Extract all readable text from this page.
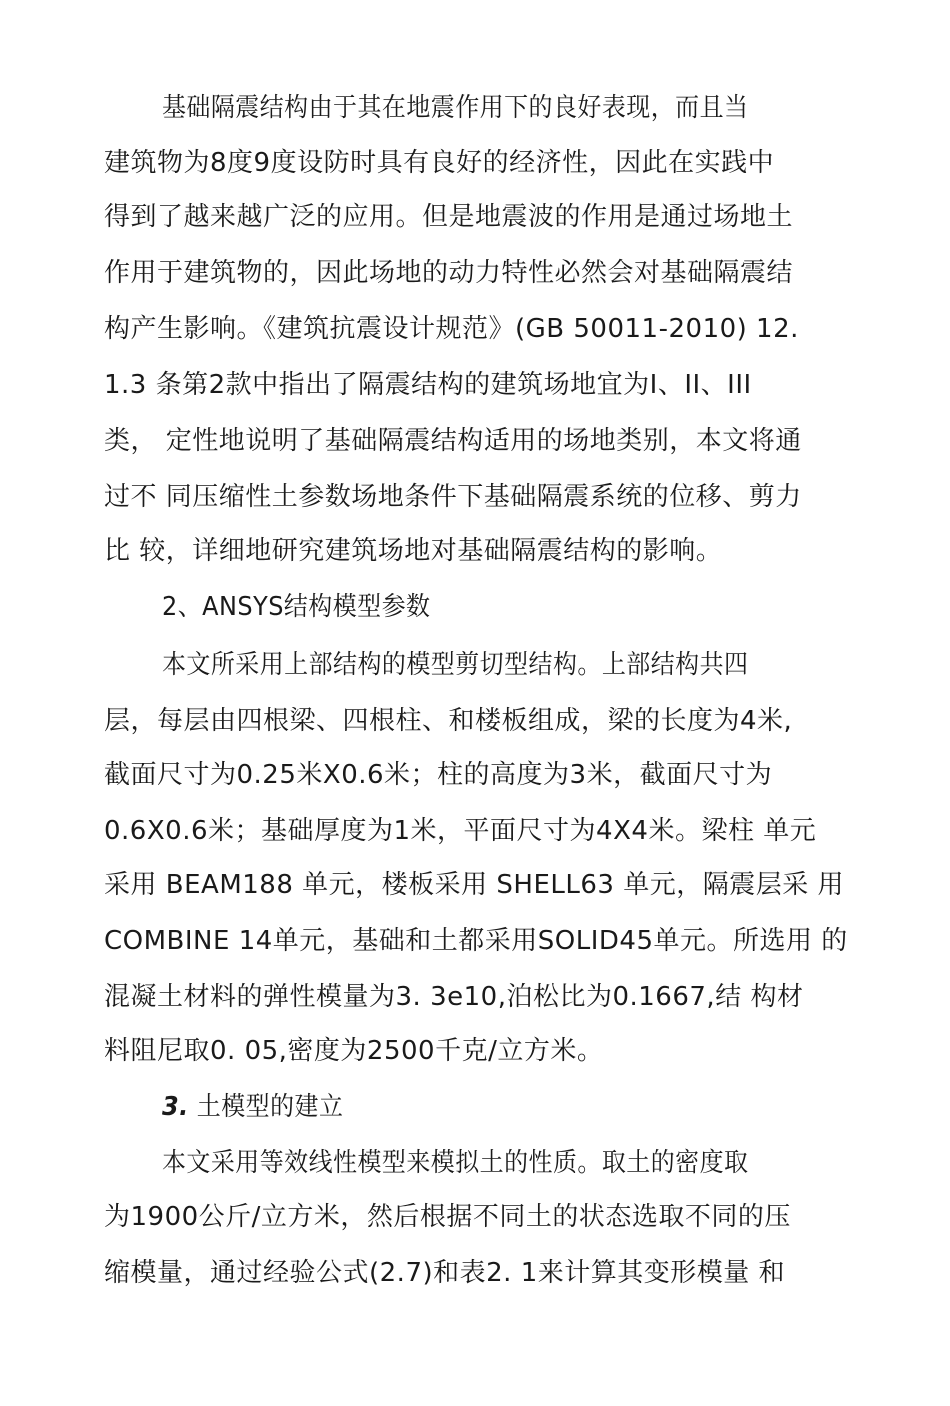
基础隔震结构由于其在地震作用下的良好表现，而且当
建筑物为8度9度设防时具有良好的经济性，因此在实践中
得到了越来越广泛的应用。但是地震波的作用是通过场地土
作用于建筑物的，因此场地的动力特性必然会对基础隔震结
构产生影响。《建筑抗震设计规范》(GB 50011-2010) 12.
1.3 条第2款中指出了隔震结构的建筑场地宜为I、II、III
类， 定性地说明了基础隔震结构适用的场地类别，本文将通
过不 同压缩性土参数场地条件下基础隔震系统的位移、剪力
比 较，详细地研究建筑场地对基础隔震结构的影响。
2、ANSYS结构模型参数
本文所采用上部结构的模型剪切型结构。上部结构共四
层，每层由四根梁、四根柱、和楼板组成，梁的长度为4米,
截面尺寸为0.25米X0.6米；柱的高度为3米，截面尺寸为
0.6X0.6米；基础厚度为1米，平面尺寸为4X4米。梁柱 单元
采用 BEAM188 单元，楼板采用 SHELL63 单元，隔震层采 用
COMBINE 14单元，基础和土都采用SOLID45单元。所选用 的
混凝土材料的弹性模量为3. 3e10,泊松比为0.1667,结 构材
料阻尼取0. 05,密度为2500千克/立方米。
3. 土模型的建立
本文采用等效线性模型来模拟土的性质。取土的密度取
为1900公斤/立方米，然后根据不同土的状态选取不同的压
缩模量，通过经验公式(2.7)和表2. 1来计算其变形模量 和
